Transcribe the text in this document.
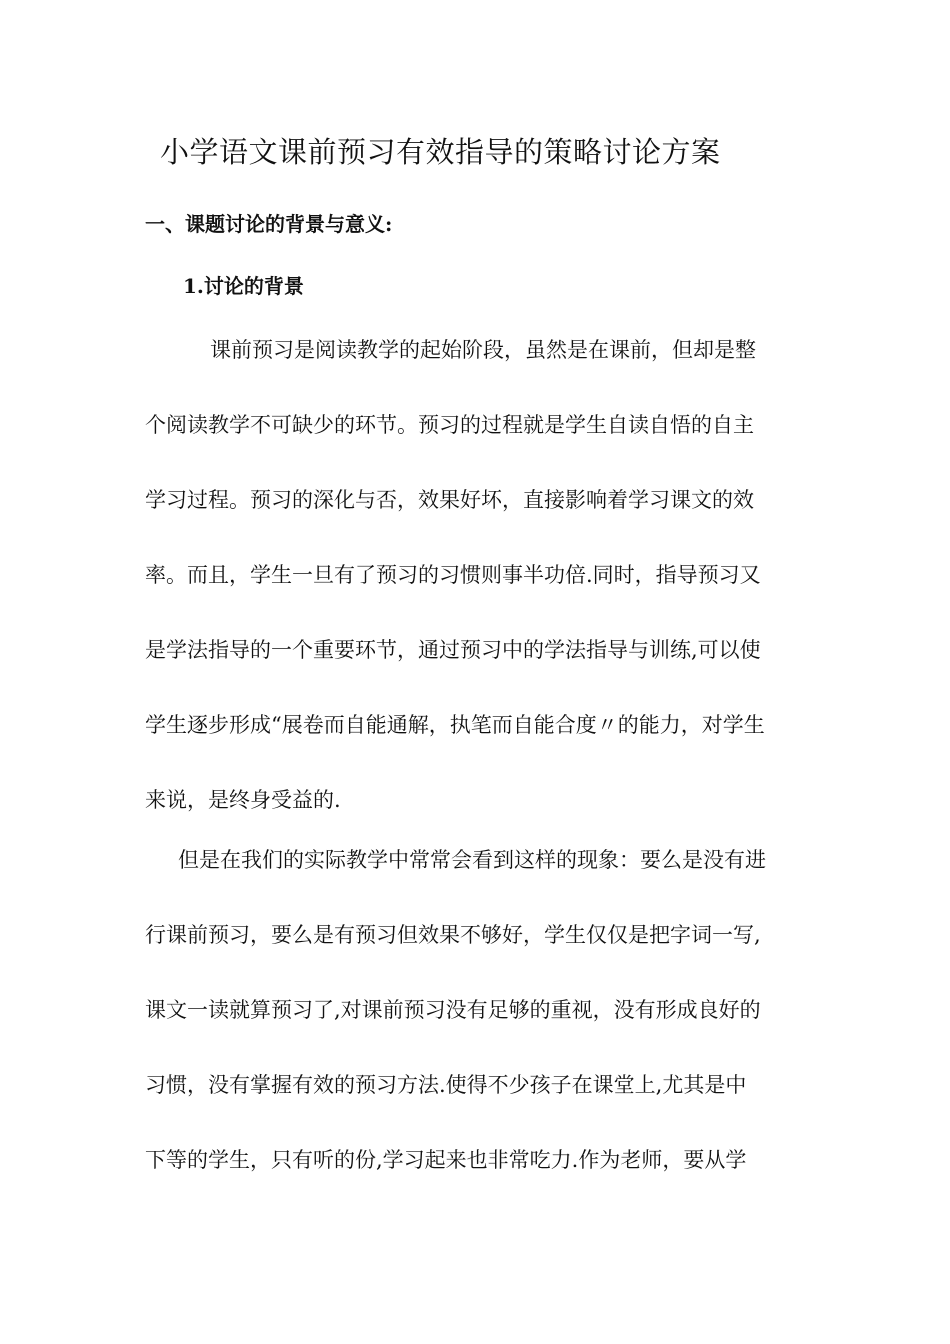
小学语文课前预习有效指导的策略讨论方案
一、课题讨论的背景与意义:
1.讨论的背景
课前预习是阅读教学的起始阶段，虽然是在课前，但却是整
个阅读教学不可缺少的环节。预习的过程就是学生自读自悟的自主
学习过程。预习的深化与否，效果好坏，直接影响着学习课文的效
率。而且，学生一旦有了预习的习惯则事半功倍.同时，指导预习又
是学法指导的一个重要环节，通过预习中的学法指导与训练,可以使
学生逐步形成“展卷而自能通解，执笔而自能合度〃的能力，对学生
来说，是终身受益的.
但是在我们的实际教学中常常会看到这样的现象：要么是没有进
行课前预习，要么是有预习但效果不够好，学生仅仅是把字词一写,
课文一读就算预习了,对课前预习没有足够的重视，没有形成良好的
习惯，没有掌握有效的预习方法.使得不少孩子在课堂上,尤其是中
下等的学生，只有听的份,学习起来也非常吃力.作为老师，要从学
